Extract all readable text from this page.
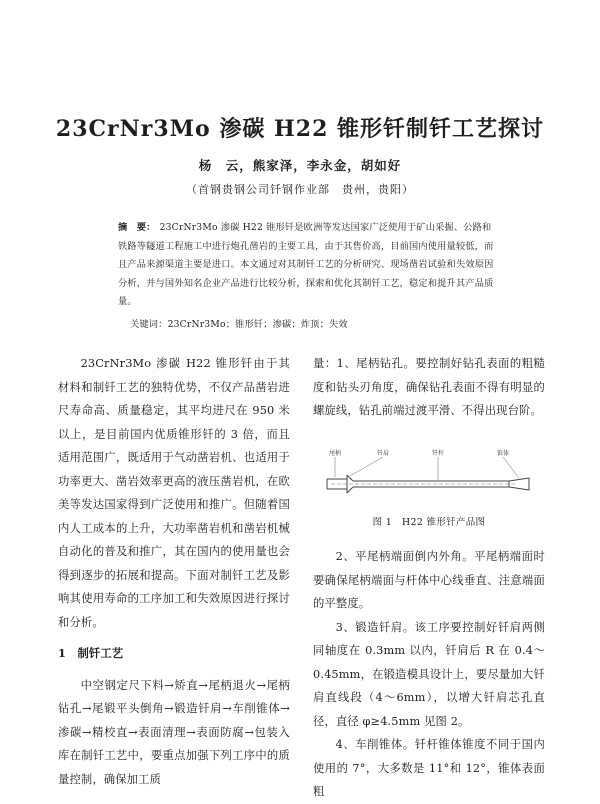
23CrNr3Mo 渗碳 H22 锥形钎制钎工艺探讨
杨　云，熊家泽，李永金，胡如好
（首钢贵钢公司钎钢作业部　贵州，贵阳）
摘　要： 23CrNr3Mo 渗碳 H22 锥形钎是欧洲等发达国家广泛使用于矿山采掘、公路和铁路等隧道工程施工中进行炮孔凿岩的主要工具，由于其售价高，目前国内使用量较低，而且产品来源渠道主要是进口。本文通过对其制钎工艺的分析研究、现场凿岩试验和失效原因分析，并与国外知名企业产品进行比较分析，探索和优化其制钎工艺，稳定和提升其产品质量。
关键词：23CrNr3Mo；锥形钎；渗碳；炸顶；失效

23CrNr3Mo 渗碳 H22 锥形钎由于其材料和制钎工艺的独特优势，不仅产品凿岩进尺寿命高、质量稳定，其平均进尺在 950 米以上，是目前国内优质锥形钎的 3 倍，而且适用范围广，既适用于气动凿岩机、也适用于功率更大、凿岩效率更高的液压凿岩机，在欧美等发达国家得到广泛使用和推广。但随着国内人工成本的上升，大功率凿岩机和凿岩机械自动化的普及和推广，其在国内的使用量也会得到逐步的拓展和提高。下面对制钎工艺及影响其使用寿命的工序加工和失效原因进行探讨和分析。

1　制钎工艺

中空钢定尺下料→矫直→尾柄退火→尾柄钻孔→尾锻平头倒角→锻造钎肩→车削锥体→渗碳→精校直→表面清理→表面防腐→包装入库在制钎工艺中，要重点加强下列工序中的质量控制，确保加工质

量：1、尾柄钻孔。要控制好钻孔表面的粗糙度和钻头刃角度，确保钻孔表面不得有明显的螺旋线，钻孔前端过渡平滑、不得出现台阶。

尾柄	钎肩	钎杆	锥体
图 1　H22 锥形钎产品图

2、平尾柄端面倒内外角。平尾柄端面时要确保尾柄端面与杆体中心线垂直、注意端面的平整度。

3、锻造钎肩。该工序要控制好钎肩两侧同轴度在 0.3mm 以内，钎肩后 R 在 0.4～0.45mm，在锻造模具设计上，要尽量加大钎肩直线段（4～6mm），以增大钎肩芯孔直径，直径 φ≥4.5mm 见图 2。

4、车削锥体。钎杆锥体锥度不同于国内使用的 7°，大多数是 11°和 12°，锥体表面粗
